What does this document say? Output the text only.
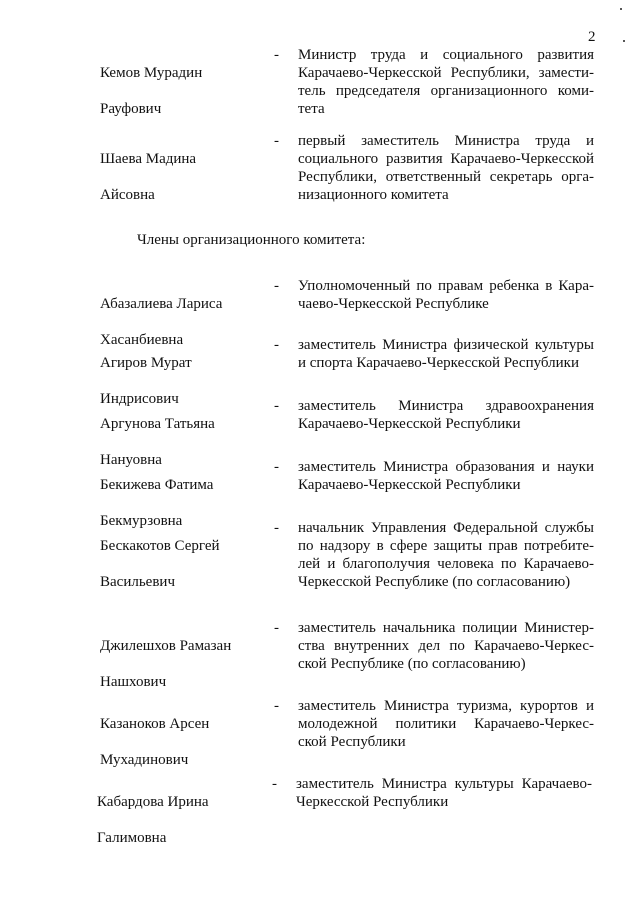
2

Кемов Мурадин

Рауфович

-	Министр труда и социального развития
Карачаево-Черкесской Республики, замести-
тель председателя организационного коми-
тета

Шаева Мадина

Айсовна

-	первый заместитель Министра труда и
социального развития Карачаево-Черкесской
Республики, ответственный секретарь орга-
низационного комитета
Члены организационного комитета:

Абазалиева Лариса

Хасанбиевна

-	Уполномоченный по правам ребенка в Кара-
чаево-Черкесской Республике

Агиров Мурат

Индрисович

-	заместитель Министра физической культуры
и спорта Карачаево-Черкесской Республики

Аргунова Татьяна

Нануовна

-	заместитель Министра здравоохранения
Карачаево-Черкесской Республики

Бекижева Фатима

Бекмурзовна

-	заместитель Министра образования и науки
Карачаево-Черкесской Республики

Бескакотов Сергей

Васильевич

-	начальник Управления Федеральной службы
по надзору в сфере защиты прав потребите-
лей и благополучия человека по Карачаево-
Черкесской Республике (по согласованию)

Джилешхов Рамазан

Нашхович

-	заместитель начальника полиции Министер-
ства внутренних дел по Карачаево-Черкес-
ской Республике (по согласованию)

Казаноков Арсен

Мухадинович

-	заместитель Министра туризма, курортов и
молодежной политики Карачаево-Черкес-
ской Республики

Кабардова Ирина

Галимовна

-	заместитель Министра культуры Карачаево-
Черкесской Республики
